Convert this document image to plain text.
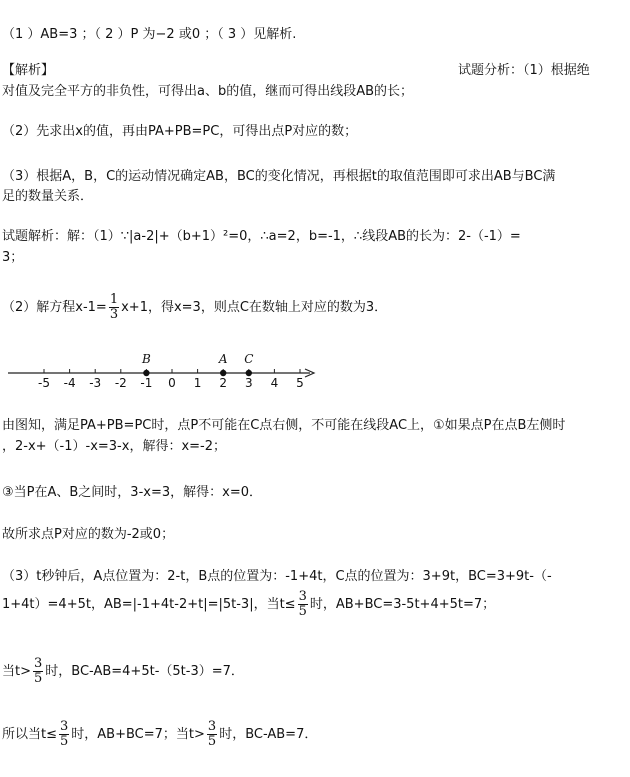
（1 ）AB=3 ；（ 2 ）P 为−2 或0 ；（ 3 ）见解析.
【解析】	试题分析：（1）根据绝
对值及完全平方的非负性，可得出a、b的值，继而可得出线段AB的长；
（2）先求出x的值，再由PA+PB=PC，可得出点P对应的数；
（3）根据A，B，C的运动情况确定AB，BC的变化情况，再根据t的取值范围即可求出AB与BC满
足的数量关系．
试题解析：解：（1）∵|a-2|+（b+1）²=0，∴a=2，b=-1，∴线段AB的长为：2-（-1）=
3；
（2）解方程$x-1= \frac{1}{3} x+1$，得x=3，则点C在数轴上对应的数为3．
-5 -4 -3 -2 -1 0 1 2 3 4 5
B	A C
由图知，满足PA+PB=PC时，点P不可能在C点右侧，不可能在线段AC上，①如果点P在点B左侧时
，2-x+（-1）-x=3-x，解得：x=-2；
③当P在A、B之间时，3-x=3，解得：x=0．
故所求点P对应的数为-2或0；
（3）t秒钟后，A点位置为：2-t，B点的位置为：-1+4t，C点的位置为：3+9t，BC=3+9t-（-
1+4t）=4+5t，AB=|-1+4t-2+t|=|5t-3|，当$t\le \frac{3}{5}$ 时，AB+BC=3-5t+4+5t=7；
当$t> \frac{3}{5}$ 时，BC-AB=4+5t-（5t-3）=7．
所以当$t\le \frac{3}{5}$ 时，AB+BC=7；当$t> \frac{3}{5}$ 时，BC-AB=7．
